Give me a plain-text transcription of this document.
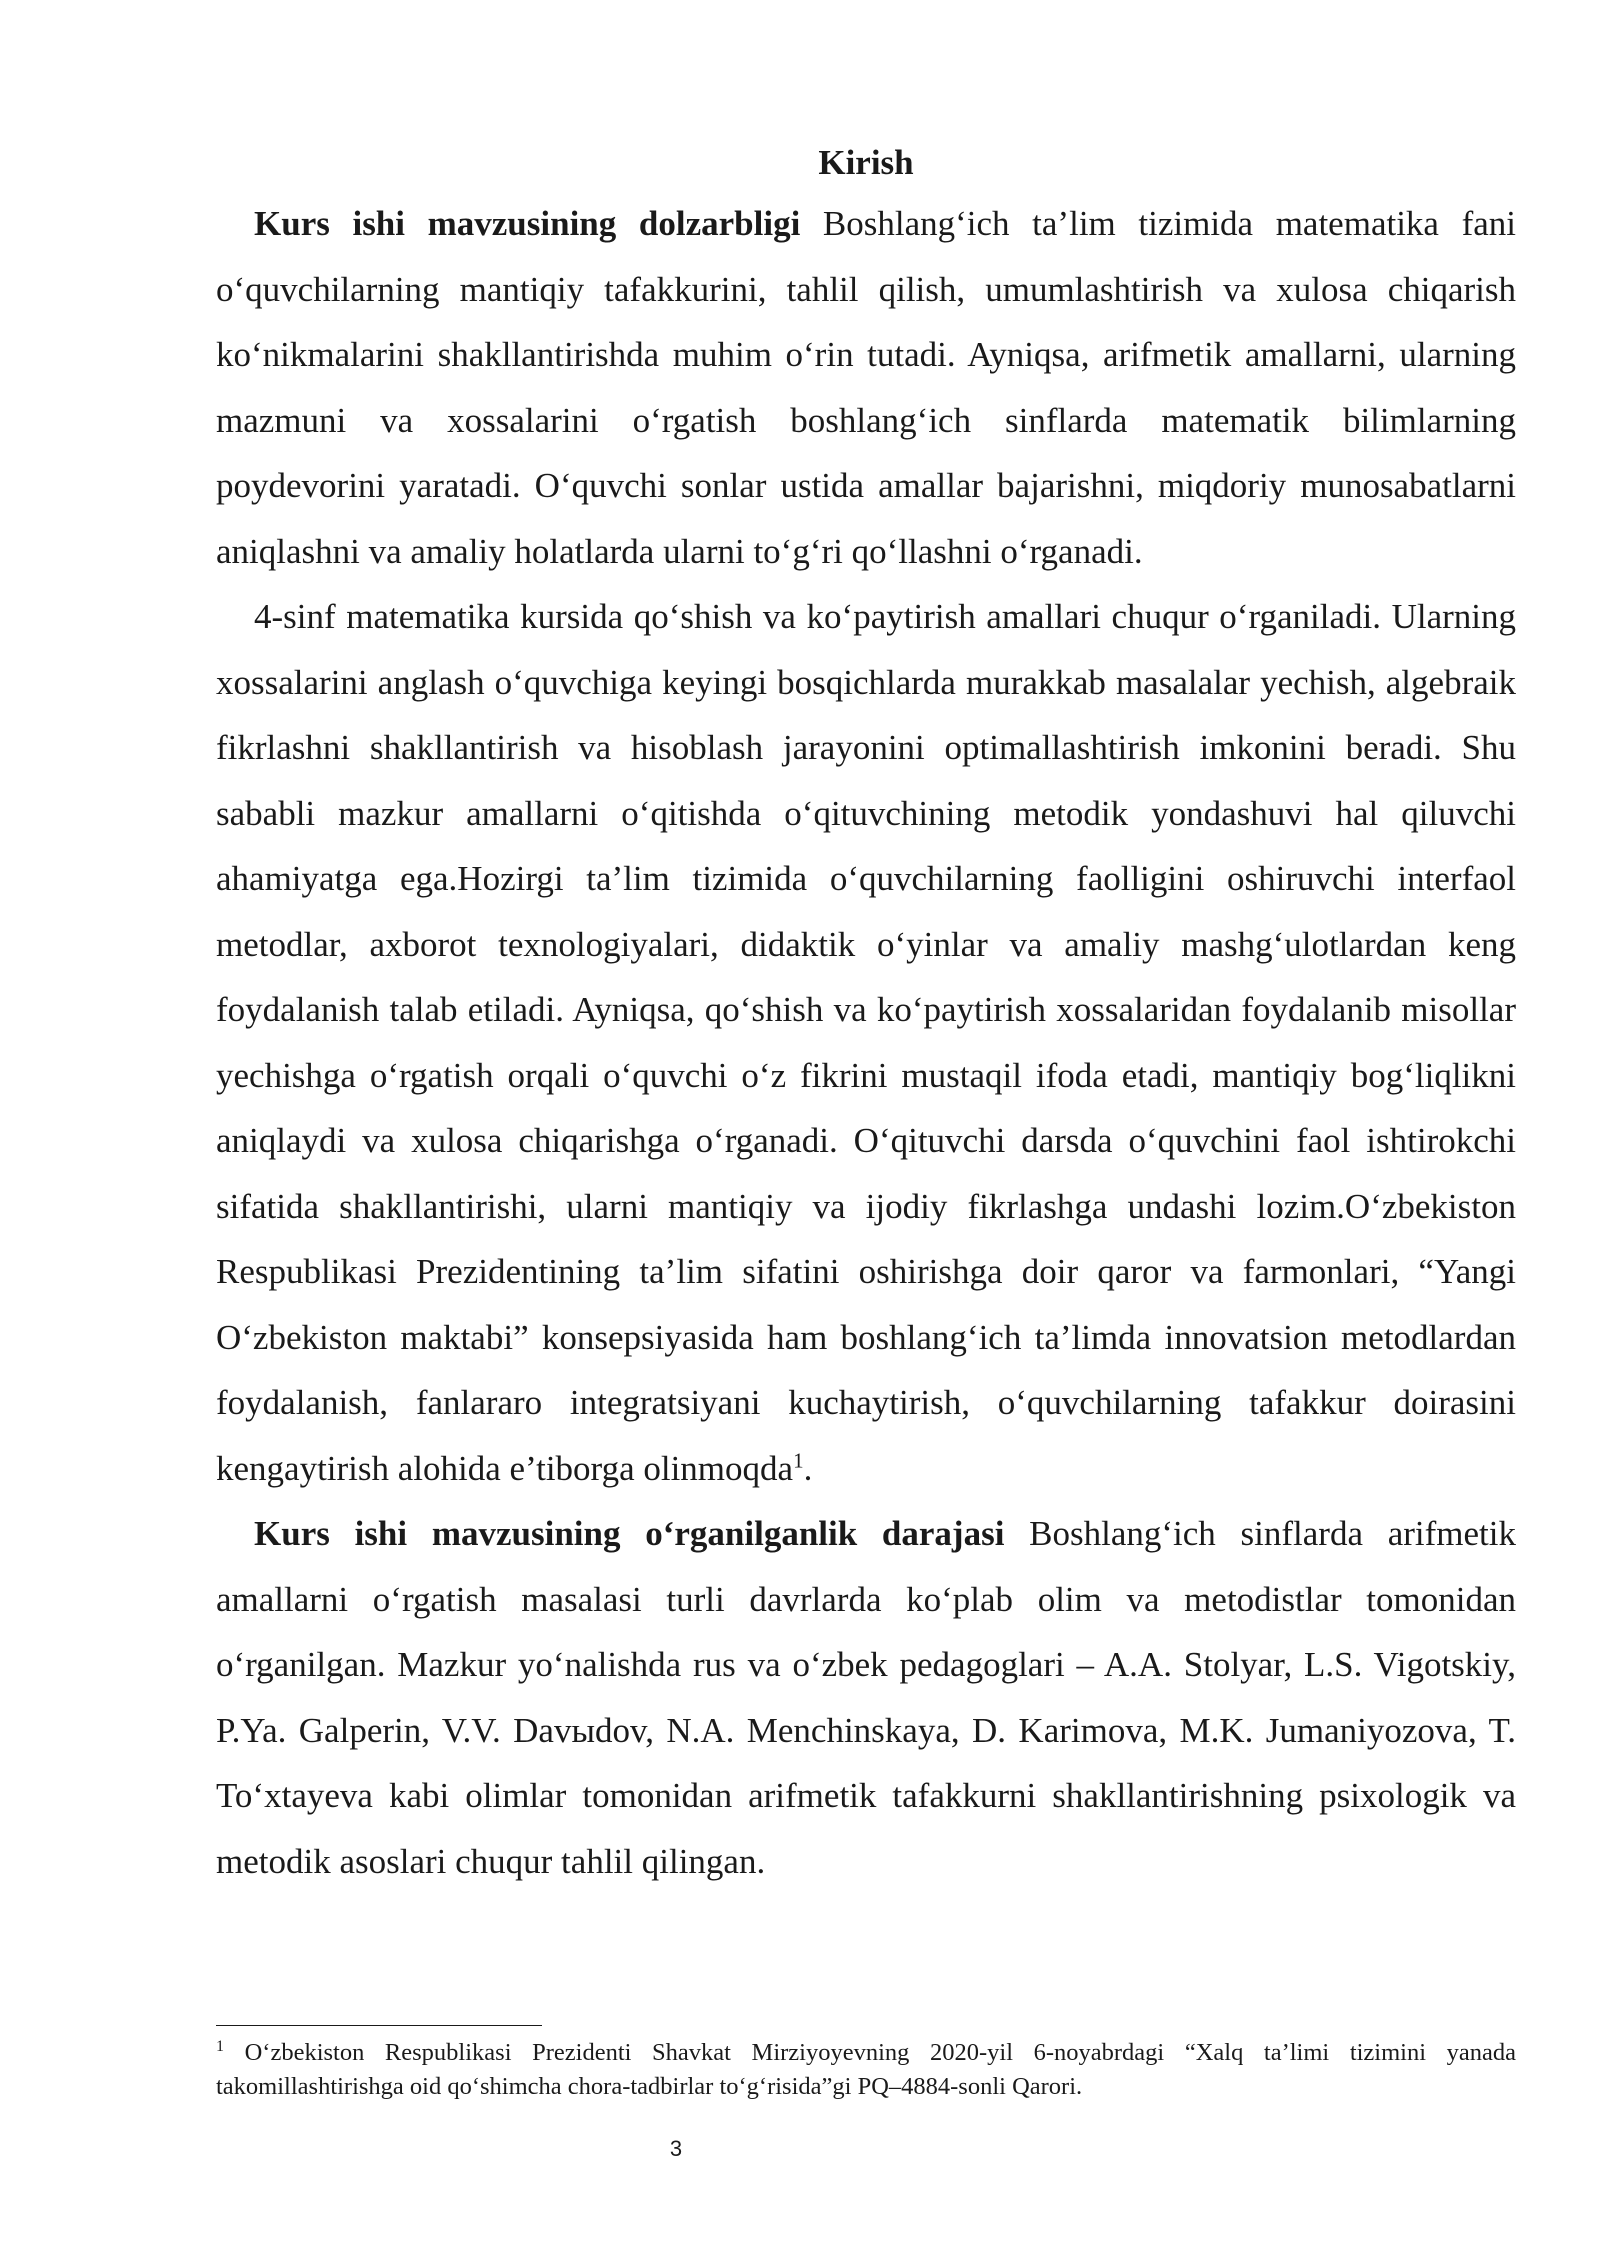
Kirish

Kurs ishi mavzusining dolzarbligi Boshlang‘ich ta’lim tizimida matematika fani o‘quvchilarning mantiqiy tafakkurini, tahlil qilish, umumlashtirish va xulosa chiqarish ko‘nikmalarini shakllantirishda muhim o‘rin tutadi. Ayniqsa, arifmetik amallarni, ularning mazmuni va xossalarini o‘rgatish boshlang‘ich sinflarda matematik bilimlarning poydevorini yaratadi. O‘quvchi sonlar ustida amallar bajarishni, miqdoriy munosabatlarni aniqlashni va amaliy holatlarda ularni to‘g‘ri qo‘llashni o‘rganadi.

4-sinf matematika kursida qo‘shish va ko‘paytirish amallari chuqur o‘rganiladi. Ularning xossalarini anglash o‘quvchiga keyingi bosqichlarda murakkab masalalar yechish, algebraik fikrlashni shakllantirish va hisoblash jarayonini optimallashtirish imkonini beradi. Shu sababli mazkur amallarni o‘qitishda o‘qituvchining metodik yondashuvi hal qiluvchi ahamiyatga ega.Hozirgi ta’lim tizimida o‘quvchilarning faolligini oshiruvchi interfaol metodlar, axborot texnologiyalari, didaktik o‘yinlar va amaliy mashg‘ulotlardan keng foydalanish talab etiladi. Ayniqsa, qo‘shish va ko‘paytirish xossalaridan foydalanib misollar yechishga o‘rgatish orqali o‘quvchi o‘z fikrini mustaqil ifoda etadi, mantiqiy bog‘liqlikni aniqlaydi va xulosa chiqarishga o‘rganadi. O‘qituvchi darsda o‘quvchini faol ishtirokchi sifatida shakllantirishi, ularni mantiqiy va ijodiy fikrlashga undashi lozim.O‘zbekiston Respublikasi Prezidentining ta’lim sifatini oshirishga doir qaror va farmonlari, “Yangi O‘zbekiston maktabi” konsepsiyasida ham boshlang‘ich ta’limda innovatsion metodlardan foydalanish, fanlararo integratsiyani kuchaytirish, o‘quvchilarning tafakkur doirasini kengaytirish alohida e’tiborga olinmoqda$^1$.

Kurs ishi mavzusining o‘rganilganlik darajasi Boshlang‘ich sinflarda arifmetik amallarni o‘rgatish masalasi turli davrlarda ko‘plab olim va metodistlar tomonidan o‘rganilgan. Mazkur yo‘nalishda rus va o‘zbek pedagoglari – A.A. Stolyar, L.S. Vigotskiy, P.Ya. Galperin, V.V. Davыdov, N.A. Menchinskaya, D. Karimova, M.K. Jumaniyozova, T. To‘xtayeva kabi olimlar tomonidan arifmetik tafakkurni shakllantirishning psixologik va metodik asoslari chuqur tahlil qilingan.

$^1$ O‘zbekiston Respublikasi Prezidenti Shavkat Mirziyoyevning 2020-yil 6-noyabrdagi “Xalq ta’limi tizimini yanada takomillashtirishga oid qo‘shimcha chora-tadbirlar to‘g‘risida”gi PQ–4884-sonli Qarori.

3
